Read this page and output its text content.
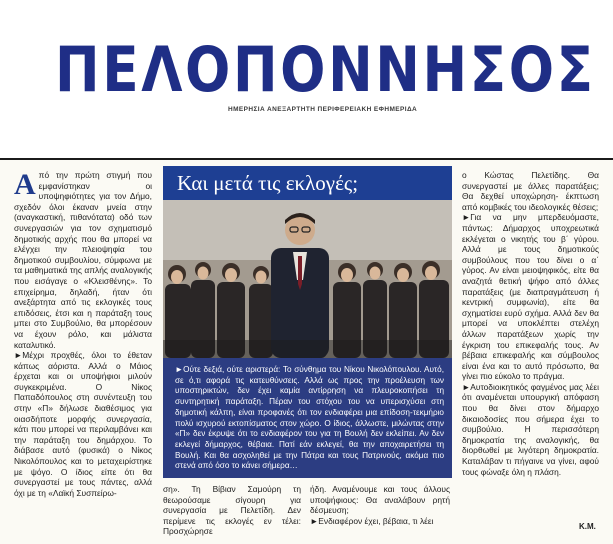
ΠΕΛΟΠΟΝΝΗΣΟΣ
ΗΜΕΡΗΣΙΑ ΑΝΕΞΑΡΤΗΤΗ ΠΕΡΙΦΕΡΕΙΑΚΗ ΕΦΗΜΕΡΙΔΑ

Από την πρώτη στιγμή που εμφανίστηκαν οι υποψηφιότητες για τον Δήμο, σχεδόν όλοι έκαναν μνεία στην (αναγκαστική, πιθανότατα) οδό των συνεργασιών για τον σχηματισμό δημοτικής αρχής που θα μπορεί να ελέγχει την πλειοψηφία του δημοτικού συμβουλίου, σύμφωνα με τα μαθηματικά της απλής αναλογικής που εισάγαγε ο «Κλεισθένης». Το επιχείρημα, δηλαδή, ήταν ότι ανεξάρτητα από τις εκλογικές τους επιδόσεις, έτσι και η παράταξη τους μπει στο Συμβούλιο, θα μπορέσουν να έχουν ρόλο, και μάλιστα καταλυτικό.

►Μέχρι προχθές, όλοι το έθεταν κάπως αόριστα. Αλλά ο Μάιος έρχεται και οι υποψήφιοι μιλούν συγκεκριμένα. Ο Νίκος Παπαδόπουλος στη συνέντευξη του στην «Π» δήλωσε διαθέσιμος για οιασδήποτε μορφής συνεργασία, κάτι που μπορεί να περιλαμβάνει και την παράταξη του δημάρχου. Το διάβασε αυτό (φυσικά) ο Νίκος Νικολόπουλος και το μεταχειρίστηκε με ψόγο. Ο ίδιος είπε ότι θα συνεργαστεί με τους πάντες, αλλά όχι με τη «Λαϊκή Συσπείρω-

Και μετά τις εκλογές;
►Ούτε δεξιά, ούτε αριστερά: Το σύνθημα του Νίκου Νικολόπουλου. Αυτό, σε ό,τι αφορά τις κατευθύνσεις. Αλλά ως προς την προέλευση των υποστηρικτών, δεν έχει καμία αντίρρηση να πλευροκοπήσει τη συντηρητική παράταξη. Πέραν του στόχου του να υπερισχύσει στη δημοτική κάλπη, είναι προφανές ότι τον ενδιαφέρει μια επίδοση-τεκμήριο πολύ ισχυρού εκτοπίσματος στον χώρο. Ο ίδιος, άλλωστε, μιλώντας στην «Π» δεν έκρυψε ότι το ενδιαφέρον του για τη Βουλή δεν εκλείπει. Αν δεν εκλεγεί δήμαρχος, θέβαια. Πατί εάν εκλεγεί, θα την αποχαιρετήσει τη Βουλή. Και θα ασχοληθεί με την Πάτρα και τους Πατρινούς, ακόμα πιο στενά από όσο το κάνει σήμερα…

ση». Τη Βίβιαν Σαμούρη τη θεωρούσαμε σίγουρη για συνεργασία με Πελετίδη. Δεν περίμενε τις εκλογές εν τέλει: Προσχώρησε

ήδη. Αναμένουμε και τους άλλους υποψήφιους: Θα αναλάβουν ρητή δέσμευση;
►Ενδιαφέρον έχει, βέβαια, τι λέει

ο Κώστας Πελετίδης. Θα συνεργαστεί με άλλες παρατάξεις; Θα δεχθεί υποχώρηση- έκπτωση από κομβικές του ιδεολογικές θέσεις;

►Για να μην μπερδευόμαστε, πάντως: Δήμαρχος υποχρεωτικά εκλέγεται ο νικητής του β΄ γύρου. Αλλά με τους δημοτικούς συμβούλους που του δίνει ο α΄ γύρος. Αν είναι μειοψηφικός, είτε θα αναζητά θετική ψήφο από άλλες παρατάξεις (με διαπραγμάτευση ή κεντρική συμφωνία), είτε θα σχηματίσει ευρύ σχήμα. Αλλά δεν θα μπορεί να υποκλέπτει στελέχη άλλων παρατάξεων χωρίς την έγκριση του επικεφαλής τους. Αν βέβαια επικεφαλής και σύμβουλος είναι ένα και το αυτό πρόσωπο, θα γίνει πιο εύκολο το πράγμα.

►Αυτοδιοικητικός φαγμένος μας λέει ότι αναμένεται υπουργική απόφαση που θα δίνει στον δήμαρχο δικαιοδοσίες που σήμερα έχει το συμβούλιο. Η περισσότερη δημοκρατία της αναλογικής, θα διορθωθεί με λιγότερη δημοκρατία. Καταλάβαν τι πήγαινε να γίνει, αφού τους φώναξε όλη η πλάση.

Κ.Μ.
